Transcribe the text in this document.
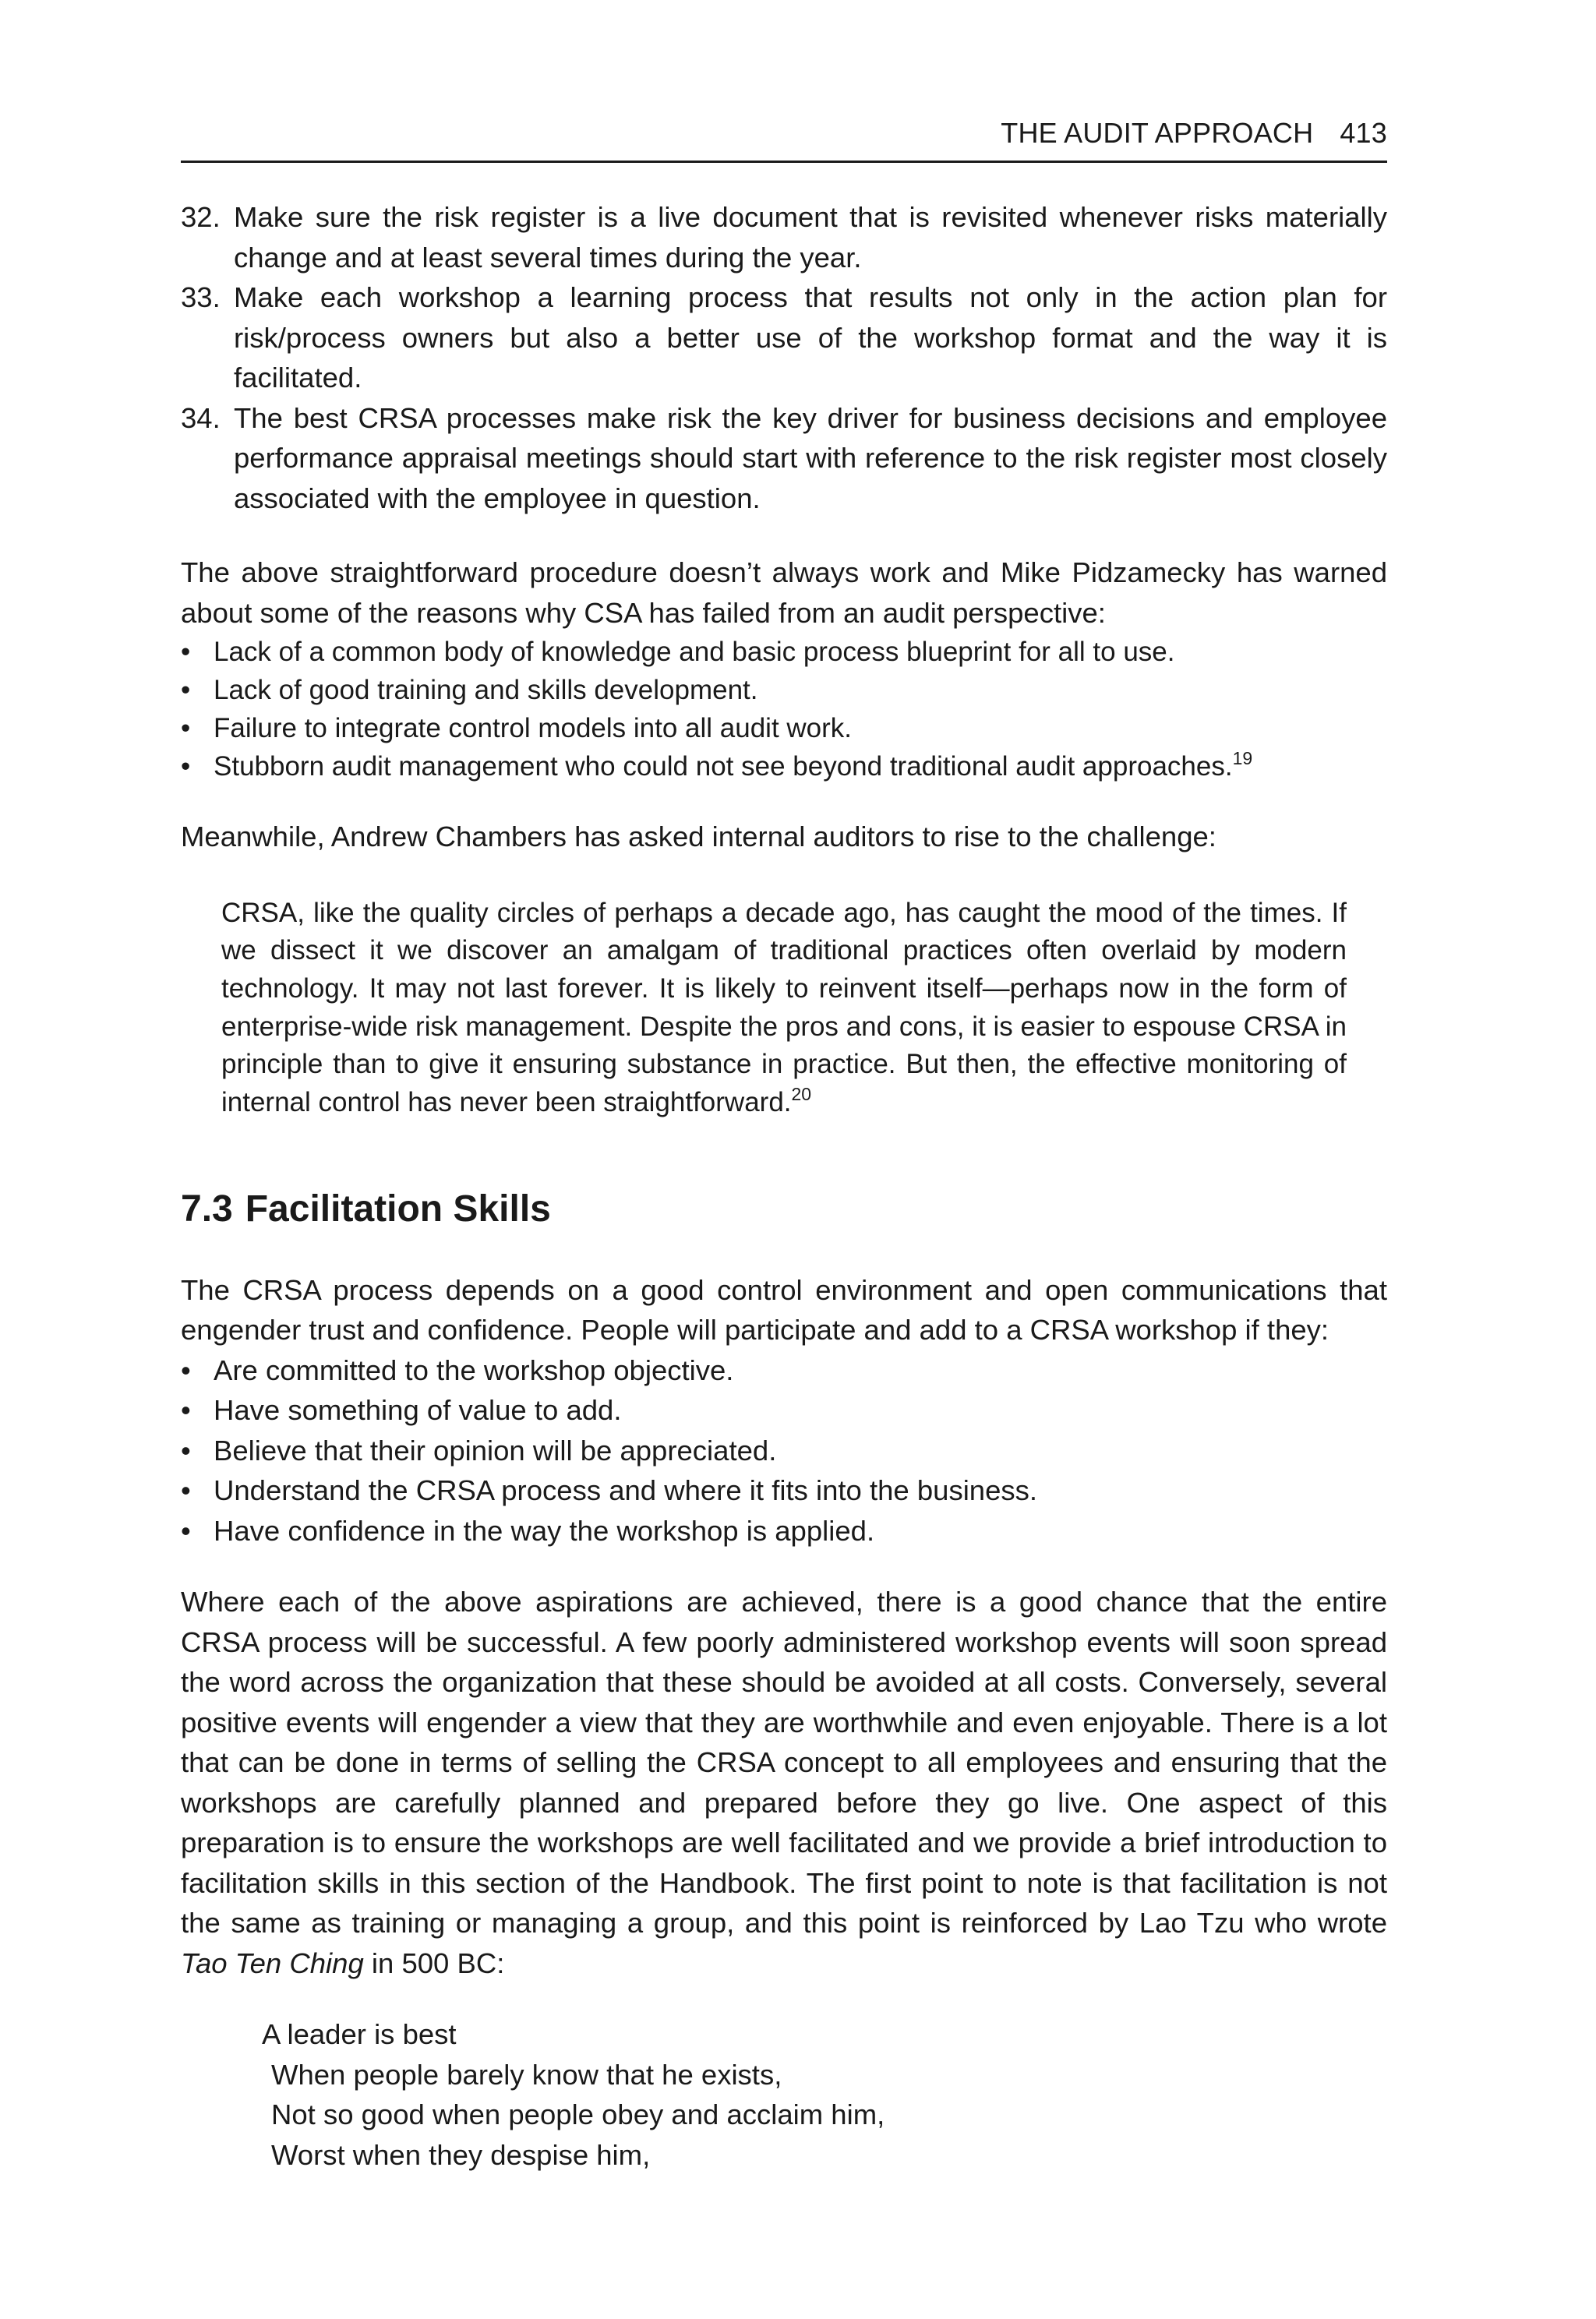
THE AUDIT APPROACH 413
32. Make sure the risk register is a live document that is revisited whenever risks materially change and at least several times during the year.
33. Make each workshop a learning process that results not only in the action plan for risk/process owners but also a better use of the workshop format and the way it is facilitated.
34. The best CRSA processes make risk the key driver for business decisions and employee performance appraisal meetings should start with reference to the risk register most closely associated with the employee in question.

The above straightforward procedure doesn’t always work and Mike Pidzamecky has warned about some of the reasons why CSA has failed from an audit perspective:

• Lack of a common body of knowledge and basic process blueprint for all to use.
• Lack of good training and skills development.
• Failure to integrate control models into all audit work.
• Stubborn audit management who could not see beyond traditional audit approaches.$^{19}$

Meanwhile, Andrew Chambers has asked internal auditors to rise to the challenge:

CRSA, like the quality circles of perhaps a decade ago, has caught the mood of the times. If we dissect it we discover an amalgam of traditional practices often overlaid by modern technology. It may not last forever. It is likely to reinvent itself—perhaps now in the form of enterprise-wide risk management. Despite the pros and cons, it is easier to espouse CRSA in principle than to give it ensuring substance in practice. But then, the effective monitoring of internal control has never been straightforward.$^{20}$

7.3 Facilitation Skills

The CRSA process depends on a good control environment and open communications that engender trust and confidence. People will participate and add to a CRSA workshop if they:

• Are committed to the workshop objective.
• Have something of value to add.
• Believe that their opinion will be appreciated.
• Understand the CRSA process and where it fits into the business.
• Have confidence in the way the workshop is applied.

Where each of the above aspirations are achieved, there is a good chance that the entire CRSA process will be successful. A few poorly administered workshop events will soon spread the word across the organization that these should be avoided at all costs. Conversely, several positive events will engender a view that they are worthwhile and even enjoyable. There is a lot that can be done in terms of selling the CRSA concept to all employees and ensuring that the workshops are carefully planned and prepared before they go live. One aspect of this preparation is to ensure the workshops are well facilitated and we provide a brief introduction to facilitation skills in this section of the Handbook. The first point to note is that facilitation is not the same as training or managing a group, and this point is reinforced by Lao Tzu who wrote Tao Ten Ching in 500 BC:

A leader is best
When people barely know that he exists,
Not so good when people obey and acclaim him,
Worst when they despise him,
